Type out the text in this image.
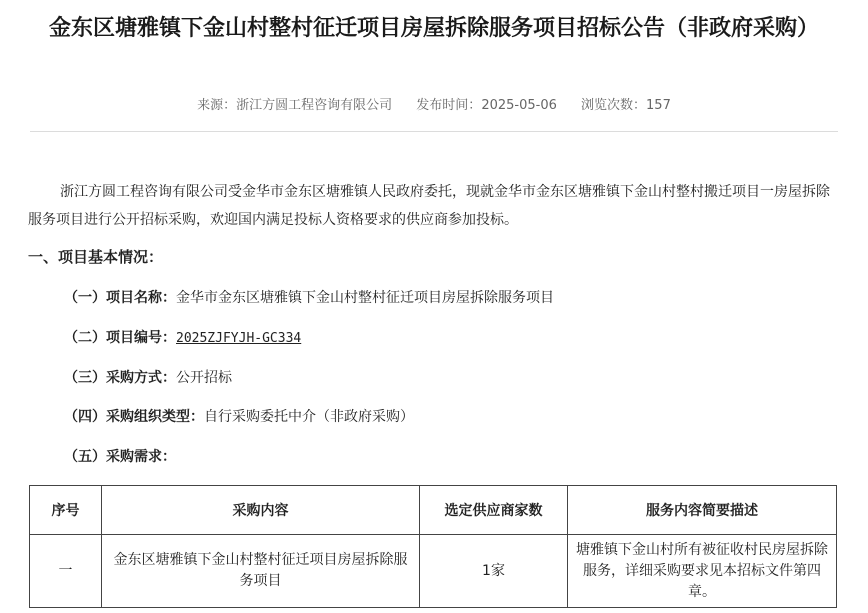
金东区塘雅镇下金山村整村征迁项目房屋拆除服务项目招标公告（非政府采购）
来源：浙江方圆工程咨询有限公司 发布时间：2025-05-06 浏览次数：157
浙江方圆工程咨询有限公司受金华市金东区塘雅镇人民政府委托，现就金华市金东区塘雅镇下金山村整村搬迁项目一房屋拆除服务项目进行公开招标采购，欢迎国内满足投标人资格要求的供应商参加投标。
一、项目基本情况：
（一）项目名称：金华市金东区塘雅镇下金山村整村征迁项目房屋拆除服务项目
（二）项目编号：2025ZJFYJH-GC334
（三）采购方式：公开招标
（四）采购组织类型：自行采购委托中介（非政府采购）
（五）采购需求：
序号	采购内容	选定供应商家数	服务内容简要描述
一	金东区塘雅镇下金山村整村征迁项目房屋拆除服务项目	1家	塘雅镇下金山村所有被征收村民房屋拆除服务，详细采购要求见本招标文件第四章。
